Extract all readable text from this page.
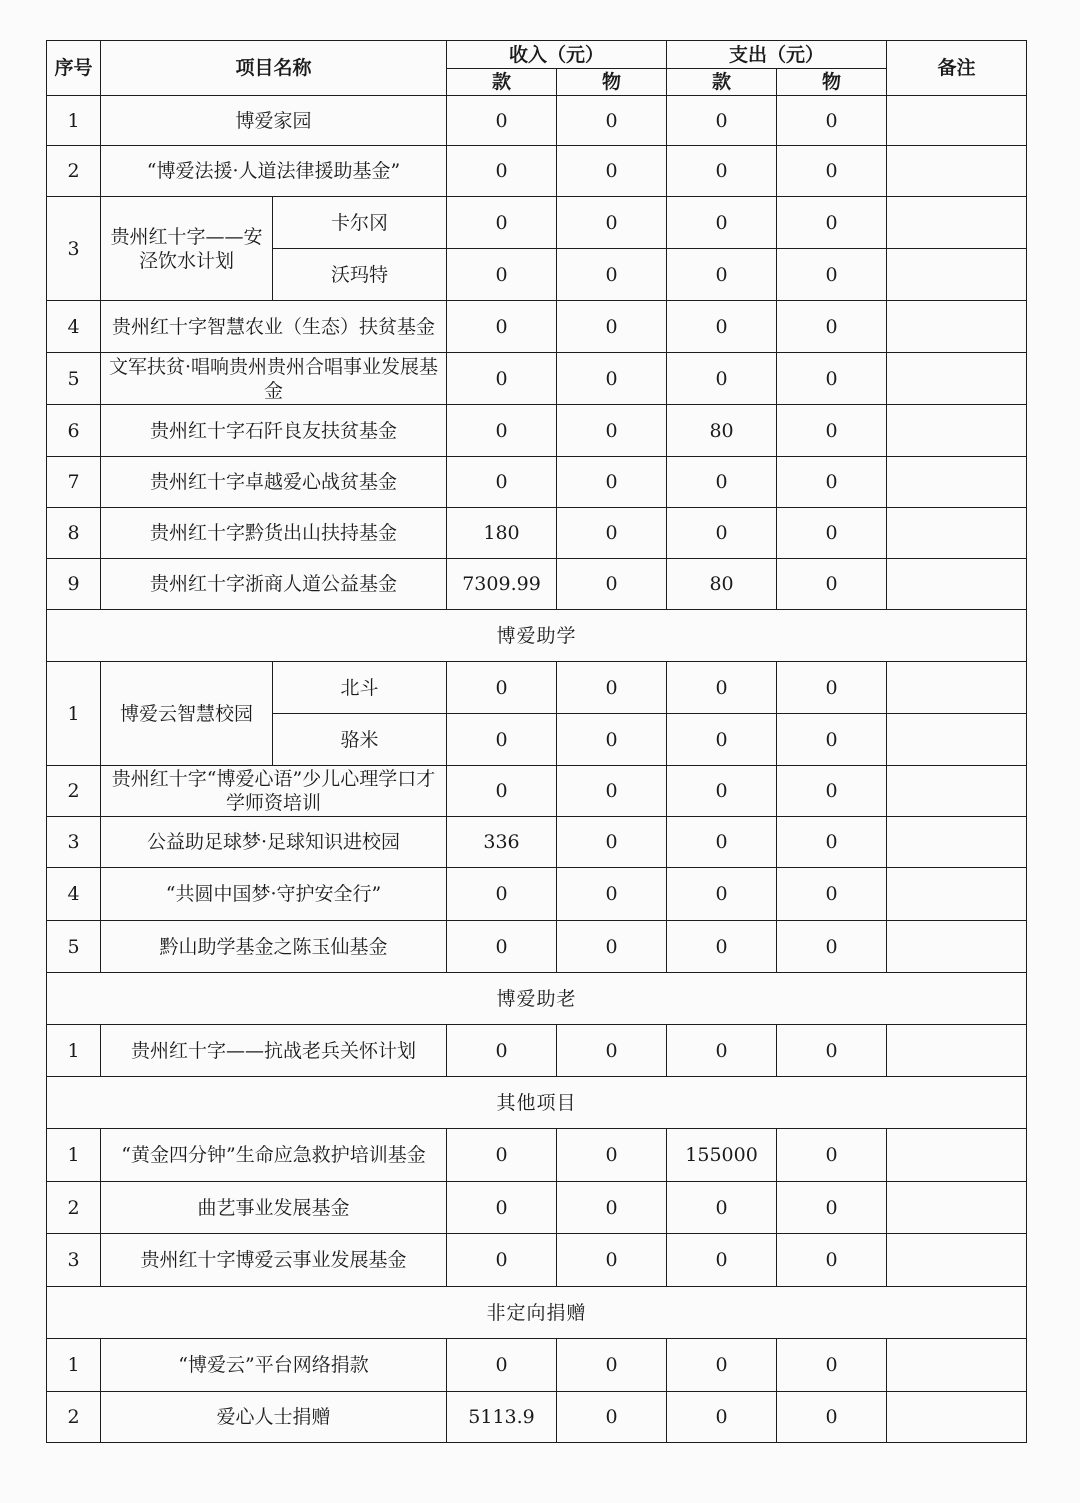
序号	项目名称		收入（元）		支出（元）		备注
			款	物	款	物	
1	博爱家园		0	0	0	0	
2	“博爱法援·人道法律援助基金”		0	0	0	0	
3	贵州红十字——安泾饮水计划	卡尔冈	0	0	0	0	
		沃玛特	0	0	0	0	
4	贵州红十字智慧农业（生态）扶贫基金		0	0	0	0	
5	文军扶贫·唱响贵州贵州合唱事业发展基金		0	0	0	0	
6	贵州红十字石阡良友扶贫基金		0	0	80	0	
7	贵州红十字卓越爱心战贫基金		0	0	0	0	
8	贵州红十字黔货出山扶持基金		180	0	0	0	
9	贵州红十字浙商人道公益基金		7309.99	0	80	0	
博爱助学							
1	博爱云智慧校园	北斗	0	0	0	0	
		骆米	0	0	0	0	
2	贵州红十字“博爱心语”少儿心理学口才学师资培训		0	0	0	0	
3	公益助足球梦·足球知识进校园		336	0	0	0	
4	“共圆中国梦·守护安全行”		0	0	0	0	
5	黔山助学基金之陈玉仙基金		0	0	0	0	
博爱助老							
1	贵州红十字——抗战老兵关怀计划		0	0	0	0	
其他项目							
1	“黄金四分钟”生命应急救护培训基金		0	0	155000	0	
2	曲艺事业发展基金		0	0	0	0	
3	贵州红十字博爱云事业发展基金		0	0	0	0	
非定向捐赠							
1	“博爱云”平台网络捐款		0	0	0	0	
2	爱心人士捐赠		5113.9	0	0	0	
